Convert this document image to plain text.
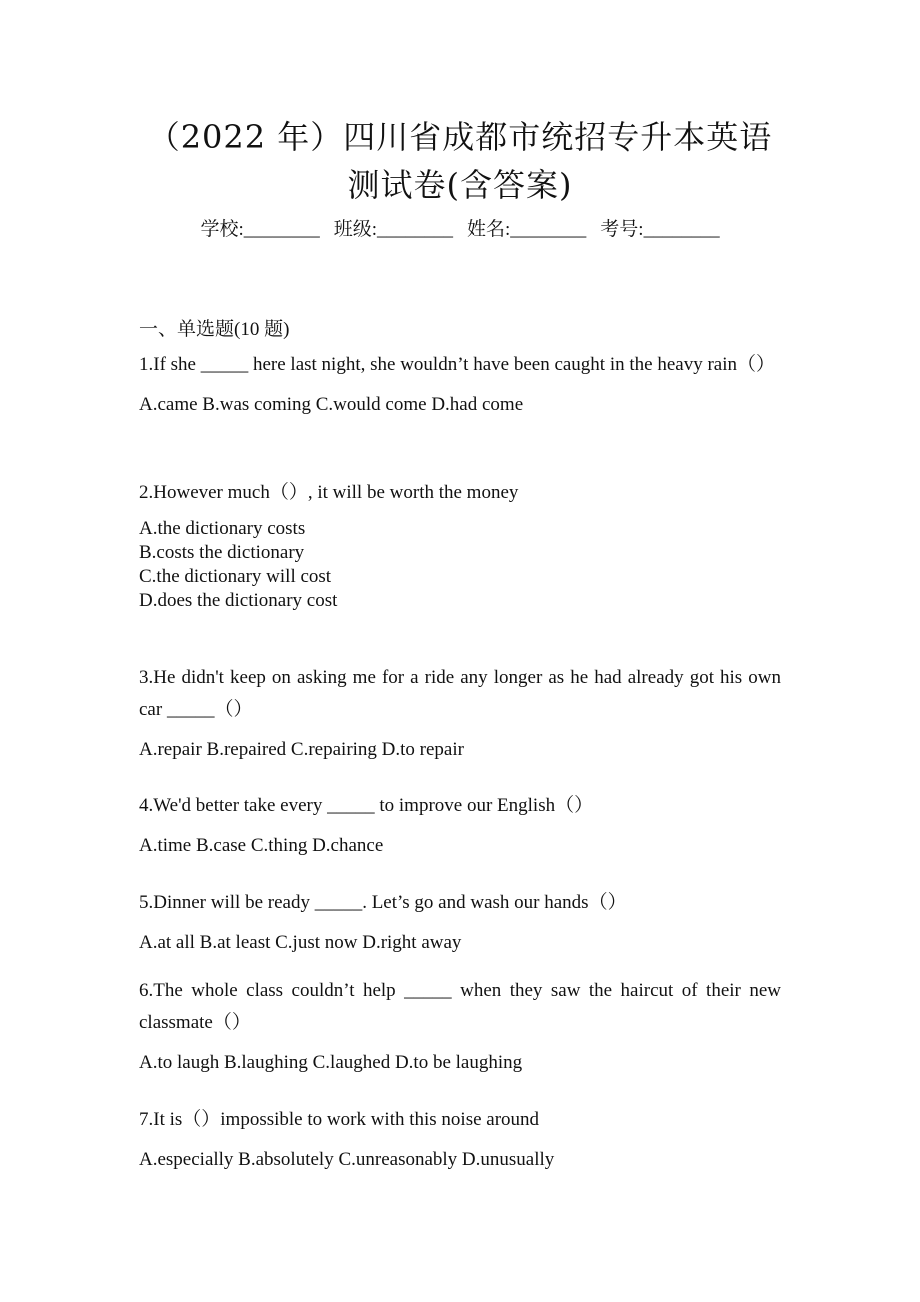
（2022 年）四川省成都市统招专升本英语
测试卷(含答案)
学校:________ 班级:________ 姓名:________ 考号:________
一、单选题(10 题)
1.If she _____ here last night, she wouldn’t have been caught in the heavy rain（）
A.came B.was coming C.would come D.had come
2.However much（）, it will be worth the money
A.the dictionary costs
B.costs the dictionary
C.the dictionary will cost
D.does the dictionary cost
3.He didn't keep on asking me for a ride any longer as he had already got his own car _____（）
A.repair B.repaired C.repairing D.to repair
4.We'd better take every _____ to improve our English（）
A.time B.case C.thing D.chance
5.Dinner will be ready _____. Let’s go and wash our hands（）
A.at all B.at least C.just now D.right away
6.The whole class couldn’t help _____ when they saw the haircut of their new classmate（）
A.to laugh B.laughing C.laughed D.to be laughing
7.It is（）impossible to work with this noise around
A.especially B.absolutely C.unreasonably D.unusually
